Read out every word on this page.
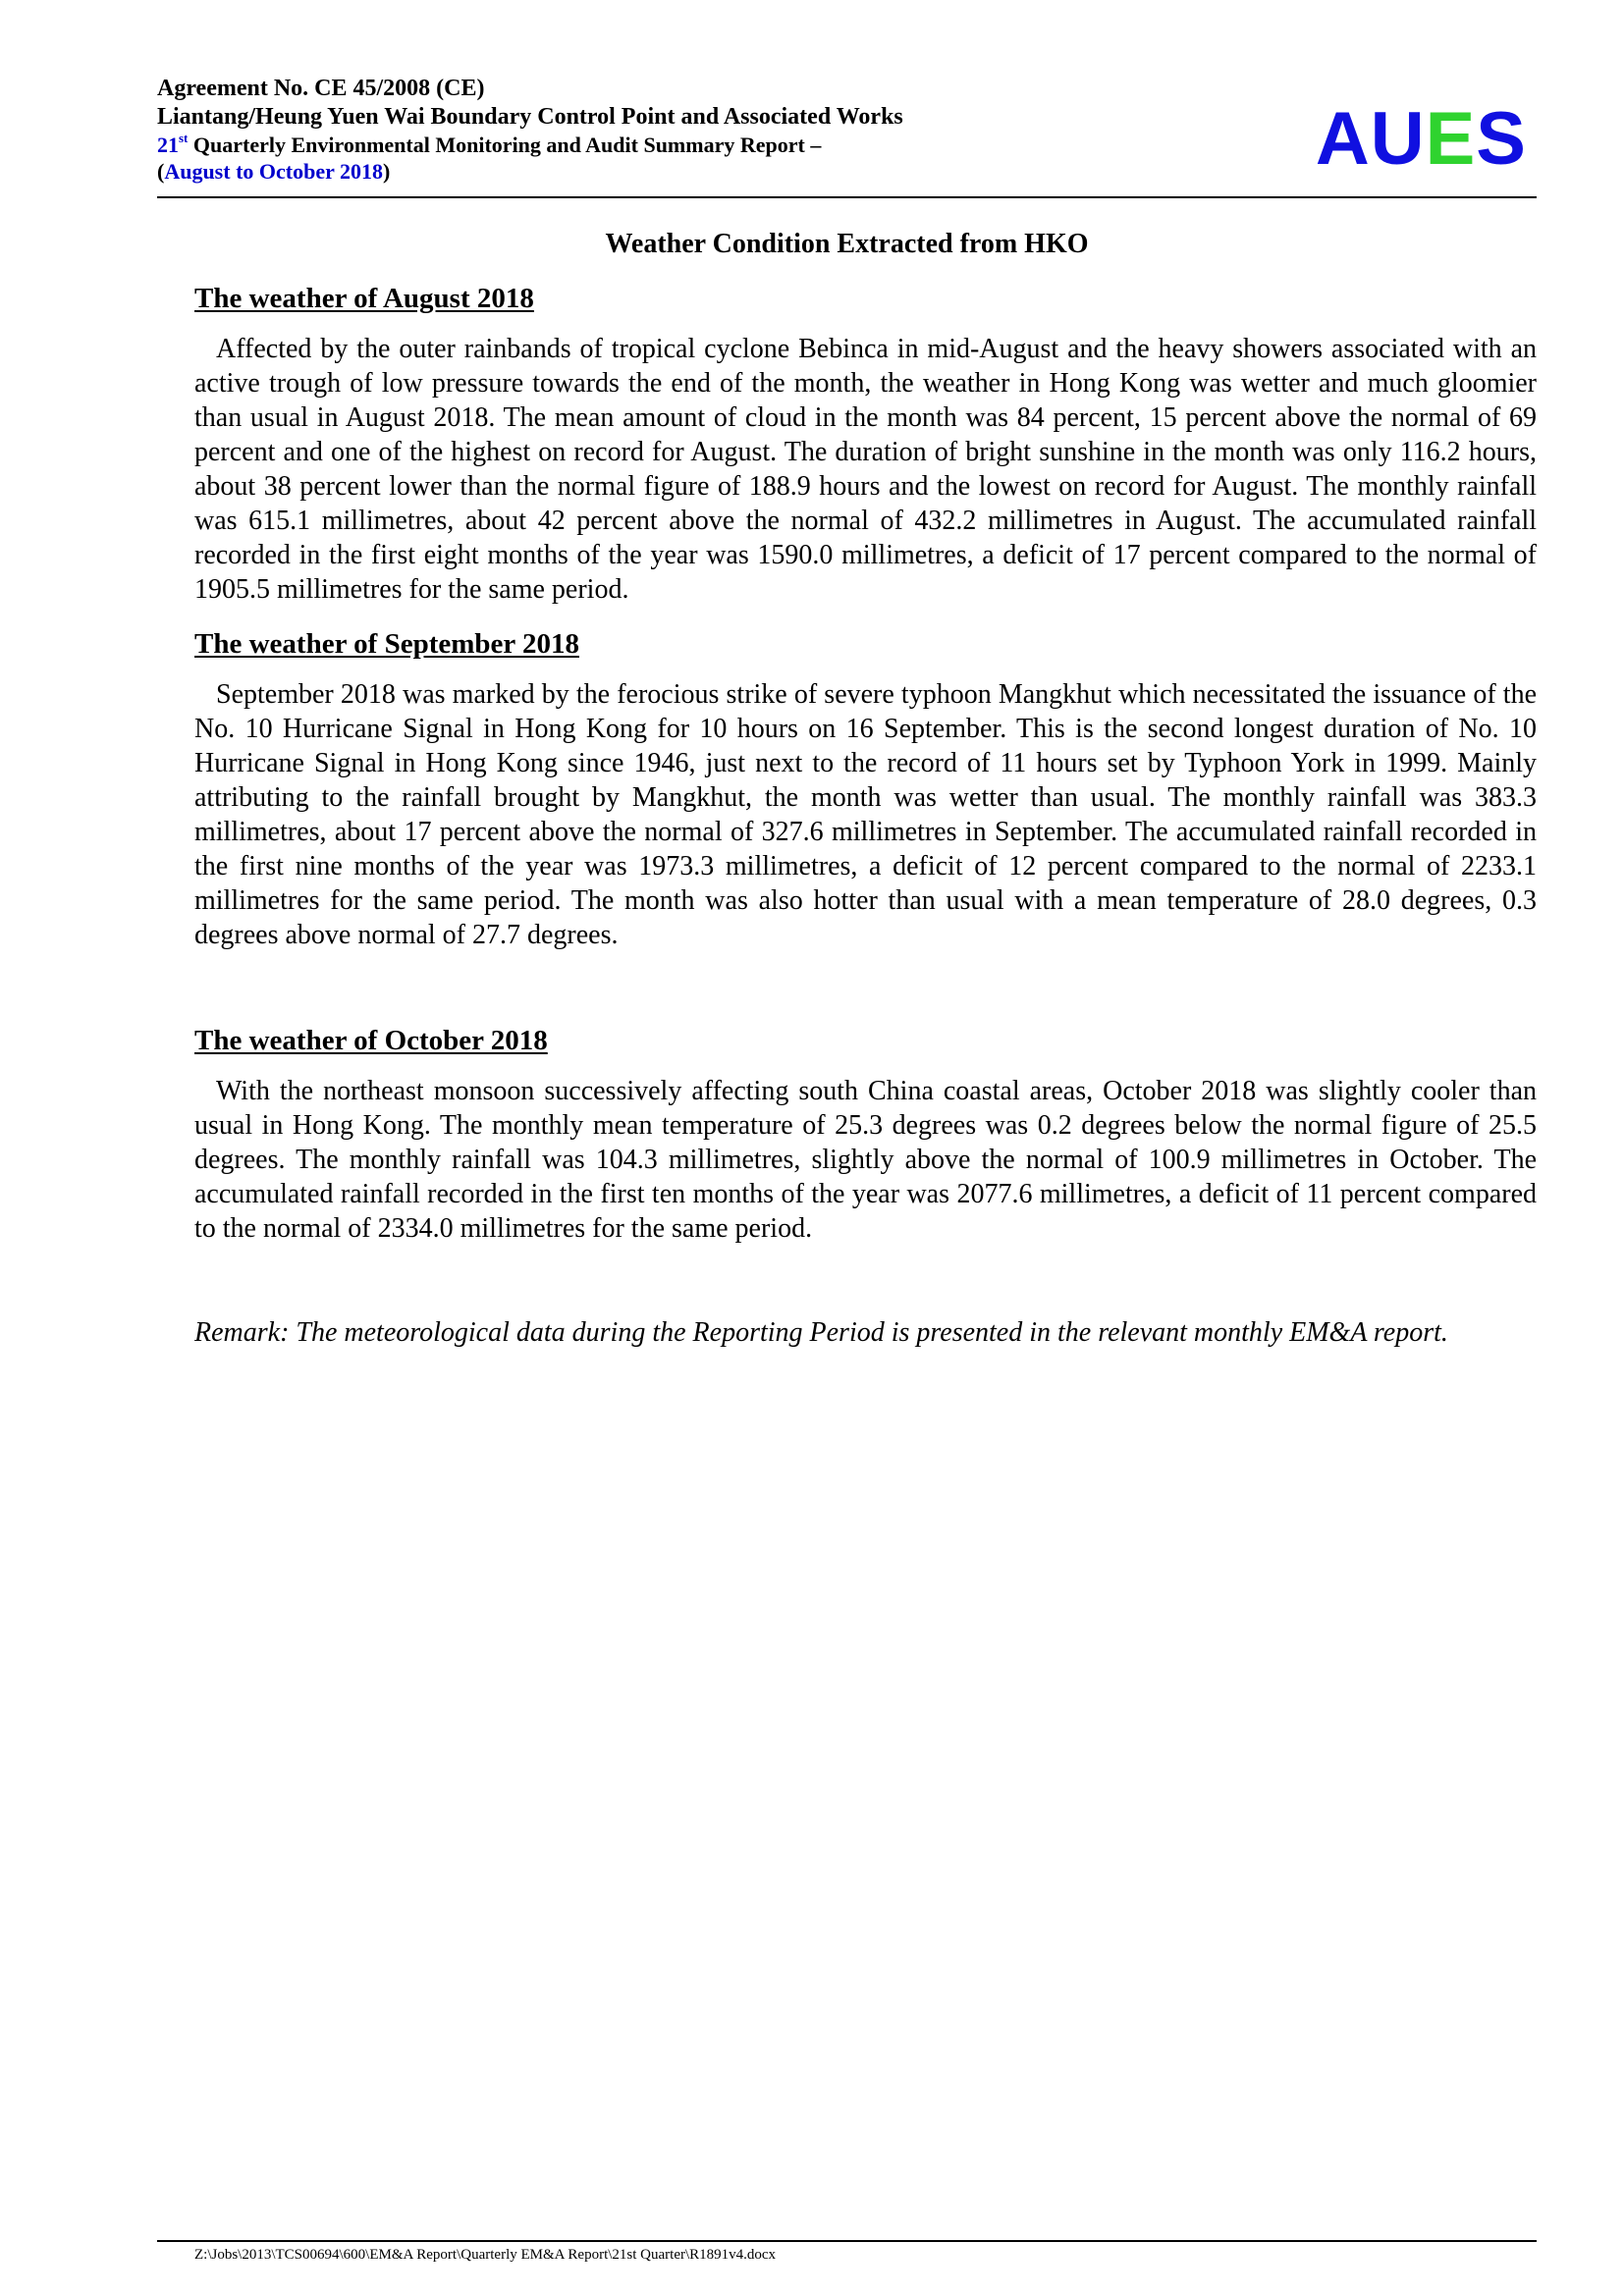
Agreement No. CE 45/2008 (CE)
Liantang/Heung Yuen Wai Boundary Control Point and Associated Works
21st Quarterly Environmental Monitoring and Audit Summary Report –
(August to October 2018)	AUES
Weather Condition Extracted from HKO
The weather of August 2018
Affected by the outer rainbands of tropical cyclone Bebinca in mid-August and the heavy showers associated with an active trough of low pressure towards the end of the month, the weather in Hong Kong was wetter and much gloomier than usual in August 2018. The mean amount of cloud in the month was 84 percent, 15 percent above the normal of 69 percent and one of the highest on record for August. The duration of bright sunshine in the month was only 116.2 hours, about 38 percent lower than the normal figure of 188.9 hours and the lowest on record for August. The monthly rainfall was 615.1 millimetres, about 42 percent above the normal of 432.2 millimetres in August. The accumulated rainfall recorded in the first eight months of the year was 1590.0 millimetres, a deficit of 17 percent compared to the normal of 1905.5 millimetres for the same period.
The weather of September 2018
September 2018 was marked by the ferocious strike of severe typhoon Mangkhut which necessitated the issuance of the No. 10 Hurricane Signal in Hong Kong for 10 hours on 16 September. This is the second longest duration of No. 10 Hurricane Signal in Hong Kong since 1946, just next to the record of 11 hours set by Typhoon York in 1999. Mainly attributing to the rainfall brought by Mangkhut, the month was wetter than usual. The monthly rainfall was 383.3 millimetres, about 17 percent above the normal of 327.6 millimetres in September. The accumulated rainfall recorded in the first nine months of the year was 1973.3 millimetres, a deficit of 12 percent compared to the normal of 2233.1 millimetres for the same period. The month was also hotter than usual with a mean temperature of 28.0 degrees, 0.3 degrees above normal of 27.7 degrees.
The weather of October 2018
With the northeast monsoon successively affecting south China coastal areas, October 2018 was slightly cooler than usual in Hong Kong. The monthly mean temperature of 25.3 degrees was 0.2 degrees below the normal figure of 25.5 degrees. The monthly rainfall was 104.3 millimetres, slightly above the normal of 100.9 millimetres in October. The accumulated rainfall recorded in the first ten months of the year was 2077.6 millimetres, a deficit of 11 percent compared to the normal of 2334.0 millimetres for the same period.
Remark: The meteorological data during the Reporting Period is presented in the relevant monthly EM&A report.
Z:\Jobs\2013\TCS00694\600\EM&A Report\Quarterly EM&A Report\21st Quarter\R1891v4.docx
